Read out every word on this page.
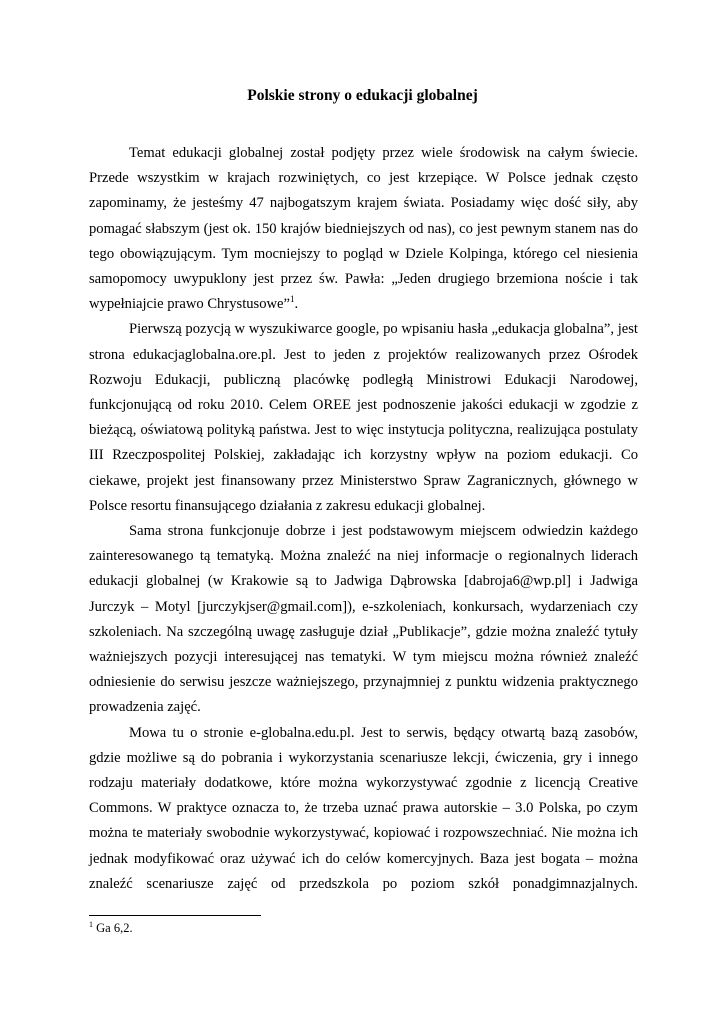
Polskie strony o edukacji globalnej

Temat edukacji globalnej został podjęty przez wiele środowisk na całym świecie. Przede wszystkim w krajach rozwiniętych, co jest krzepiące. W Polsce jednak często zapominamy, że jesteśmy 47 najbogatszym krajem świata. Posiadamy więc dość siły, aby pomagać słabszym (jest ok. 150 krajów biedniejszych od nas), co jest pewnym stanem nas do tego obowiązującym. Tym mocniejszy to pogląd w Dziele Kolpinga, którego cel niesienia samopomocy uwypuklony jest przez św. Pawła: „Jeden drugiego brzemiona noście i tak wypełniajcie prawo Chrystusowe”$^1$.

Pierwszą pozycją w wyszukiwarce google, po wpisaniu hasła „edukacja globalna”, jest strona edukacjaglobalna.ore.pl. Jest to jeden z projektów realizowanych przez Ośrodek Rozwoju Edukacji, publiczną placówkę podległą Ministrowi Edukacji Narodowej, funkcjonującą od roku 2010. Celem OREE jest podnoszenie jakości edukacji w zgodzie z bieżącą, oświatową polityką państwa. Jest to więc instytucja polityczna, realizująca postulaty III Rzeczpospolitej Polskiej, zakładając ich korzystny wpływ na poziom edukacji. Co ciekawe, projekt jest finansowany przez Ministerstwo Spraw Zagranicznych, głównego w Polsce resortu finansującego działania z zakresu edukacji globalnej.

Sama strona funkcjonuje dobrze i jest podstawowym miejscem odwiedzin każdego zainteresowanego tą tematyką. Można znaleźć na niej informacje o regionalnych liderach edukacji globalnej (w Krakowie są to Jadwiga Dąbrowska [dabroja6@wp.pl] i Jadwiga Jurczyk – Motyl [jurczykjser@gmail.com]), e-szkoleniach, konkursach, wydarzeniach czy szkoleniach. Na szczególną uwagę zasługuje dział „Publikacje”, gdzie można znaleźć tytuły ważniejszych pozycji interesującej nas tematyki. W tym miejscu można również znaleźć odniesienie do serwisu jeszcze ważniejszego, przynajmniej z punktu widzenia praktycznego prowadzenia zajęć.

Mowa tu o stronie e-globalna.edu.pl. Jest to serwis, będący otwartą bazą zasobów, gdzie możliwe są do pobrania i wykorzystania scenariusze lekcji, ćwiczenia, gry i innego rodzaju materiały dodatkowe, które można wykorzystywać zgodnie z licencją Creative Commons. W praktyce oznacza to, że trzeba uznać prawa autorskie – 3.0 Polska, po czym można te materiały swobodnie wykorzystywać, kopiować i rozpowszechniać. Nie można ich jednak modyfikować oraz używać ich do celów komercyjnych. Baza jest bogata – można znaleźć scenariusze zajęć od przedszkola po poziom szkół ponadgimnazjalnych.

$^1$ Ga 6,2.
